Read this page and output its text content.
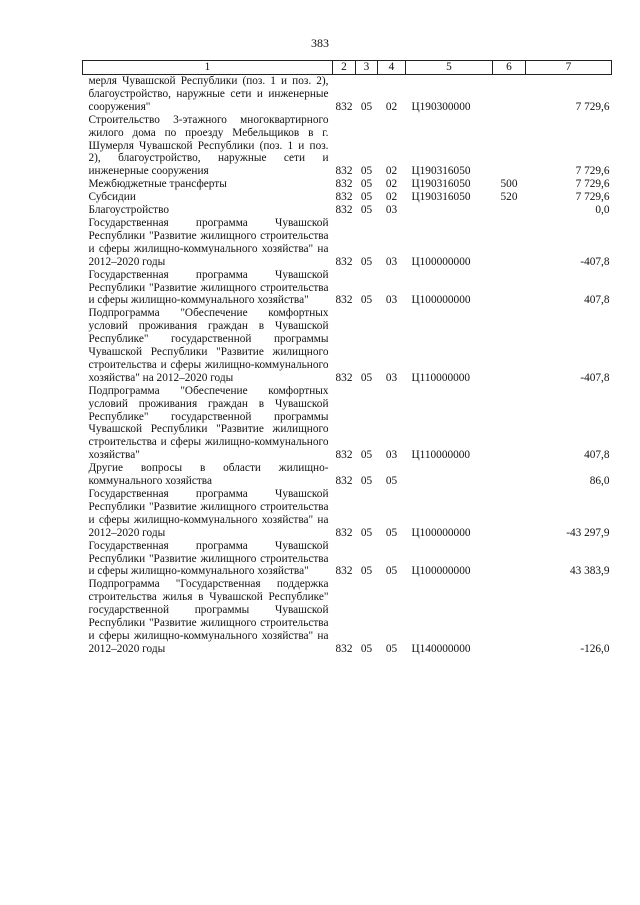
383
1	2	3	4	5	6	7
мерля Чувашской Республики (поз. 1 и поз. 2), благоустройство, наружные сети и инженерные сооружения"	832	05	02	Ц190300000		7 729,6
Строительство 3-этажного многоквартирного жилого дома по проезду Мебельщиков в г. Шумерля Чувашской Республики (поз. 1 и поз. 2), благоустройство, наружные сети и инженерные сооружения	832	05	02	Ц190316050		7 729,6
Межбюджетные трансферты	832	05	02	Ц190316050	500	7 729,6
Субсидии	832	05	02	Ц190316050	520	7 729,6
Благоустройство	832	05	03			0,0
Государственная программа Чувашской Республики "Развитие жилищного строительства и сферы жилищно-коммунального хозяйства" на 2012–2020 годы	832	05	03	Ц100000000		-407,8
Государственная программа Чувашской Республики "Развитие жилищного строительства и сферы жилищно-коммунального хозяйства"	832	05	03	Ц100000000		407,8
Подпрограмма "Обеспечение комфортных условий проживания граждан в Чувашской Республике" государственной программы Чувашской Республики "Развитие жилищного строительства и сферы жилищно-коммунального хозяйства" на 2012–2020 годы	832	05	03	Ц110000000		-407,8
Подпрограмма "Обеспечение комфортных условий проживания граждан в Чувашской Республике" государственной программы Чувашской Республики "Развитие жилищного строительства и сферы жилищно-коммунального хозяйства"	832	05	03	Ц110000000		407,8
Другие вопросы в области жилищно-коммунального хозяйства	832	05	05			86,0
Государственная программа Чувашской Республики "Развитие жилищного строительства и сферы жилищно-коммунального хозяйства" на 2012–2020 годы	832	05	05	Ц100000000		-43 297,9
Государственная программа Чувашской Республики "Развитие жилищного строительства и сферы жилищно-коммунального хозяйства"	832	05	05	Ц100000000		43 383,9
Подпрограмма "Государственная поддержка строительства жилья в Чувашской Республике" государственной программы Чувашской Республики "Развитие жилищного строительства и сферы жилищно-коммунального хозяйства" на 2012–2020 годы	832	05	05	Ц140000000		-126,0
